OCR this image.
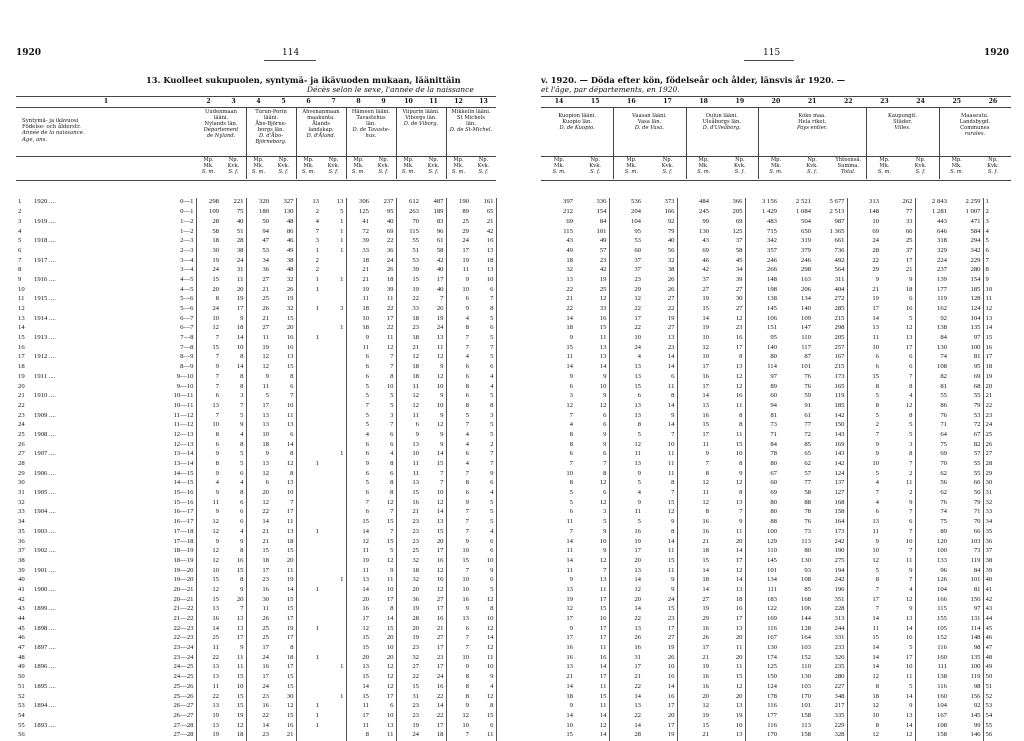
1920	114	115	1920
13. Kuolleet sukupuolen, syntymä- ja ikävuoden mukaan, läänittäin
Décès selon le sexe, l'année de la naissance
v. 1920. — Döda efter kön, födelseår och ålder, länsvis år 1920. —
et l'âge, par départements, en 1920.
1	2	3	4	5	6	7	8	9	10	11	12	13
Syntymä- ja ikävuosi
Födelse- och ålderstr.
Année de la naissance.
Age, ans.
Uudenmaan
lääni.
Nylands län.
Département
de Nyland.
Turun-Porin
lääni.
Åbo-Björne-
borgs län.
D. d'Åbo-
Björneborg.
Ahvenanmaan
maakunta.
Ålands
landskap.
D. d'Åland.
Hämeen lääni.
Tavastehus
län.
D. de Tavaste-
hus.
Viipurin lääni.
Viborgs län.
D. de Viborg.
Mikkelin lääni.
St Michels
län.
D. de St-Michel.
Mp.
Mk.
S. m.
Np.
Kvk.
S. f.
Mp.
Mk.
S. m.
Np.
Kvk.
S. f.
Mp.
Mk.
S. m.
Np.
Kvk.
S. f.
Mp.
Mk.
S. m.
Np.
Kvk.
S. f.
Mp.
Mk.
S. m.
Np.
Kvk.
S. f.
Mp.
Mk.
S. m.
Np.
Kvk.
S. f.
14	15	16	17	18	19	20	21	22	23	24	25	26
Kuopion lääni.
Kuopio län.
D. de Kuopio.
Vaasan lääni.
Vasa län.
D. de Vasa.
Oulun lääni.
Uleåborgs län.
D. d'Uleåborg.
Koko maa.
Hela riket.
Pays entier.
Kaupungit.
Städer.
Villes.
Maaseutu.
Landsbygd.
Communes
rurales.
Mp.
Mk.
S. m.
Np.
Kvk.
S. f.
Mp.
Mk.
S. m.
Np.
Kvk.
S. f.
Mp.
Mk.
S. m.
Np.
Kvk.
S. f.
Mp.
Mk.
S. m.
Np.
Kvk.
S. f.
Yhteensä.
Summa.
Total.
Mp.
Mk.
S. m.
Np.
Kvk.
S. f.
Mp.
Mk.
S. m.
Np.
Kvk.
S. f.
1	1920 ....	0—1	298	221	320	327	13	13	306	237	612	487	190	161
2		0—1	109	75	180	130	2	5	125	95	263	189	89	65
3	1919 ....	1—2	28	40	50	48	4	1	41	40	70	83	25	21
4		1—2	58	51	94	86	7	1	72	69	115	96	29	42
5	1918 ....	2—3	18	28	47	46	3	1	39	22	55	61	24	16
6		2—3	30	38	53	49	1	1	33	36	51	58	17	13
7	1917 ....	3—4	19	24	34	38	2		18	24	53	42	19	18
8		3—4	24	31	36	48	2		21	26	39	40	11	13
9	1916 ....	4—5	15	11	27	32	1	1	21	18	15	17	9	10
10		4—5	20	20	21	26	1		19	39	19	40	10	6
11	1915 ....	5—6	8	19	25	19			11	11	22	7	6	7
12		5—6	24	17	26	32	1	3	18	22	33	26	9	8
13	1914 ....	6—7	10	9	21	15			10	17	18	19	4	5
14		6—7	12	18	27	20		1	18	22	23	24	8	6
15	1913 ....	7—8	7	14	11	16	1		9	11	18	13	7	5
16		7—8	15	10	19	16			11	12	21	11	7	7
17	1912 ....	8—9	7	8	12	13			6	7	12	12	4	5
18		8—9	9	14	12	15			6	7	18	9	6	6
19	1911 ....	9—10	7	8	9	8			6	8	18	12	6	4
20		9—10	7	8	11	6			5	10	11	10	8	4
21	1910 ....	10—11	6	3	5	7			5	5	12	9	6	5
22		10—11	13	7	17	10			7	5	12	10	8	8
23	1909 ....	11—12	7	5	13	11			5	3	11	9	5	3
24		11—12	10	9	13	13			5	7	6	12	7	5
25	1908 ....	12—13	8	4	10	6			4	6	9	9	4	5
26		12—13	6	8	18	14			6	6	13	9	4	2
27	1907 ....	13—14	9	5	9	8		1	6	4	10	14	6	7
28		13—14	8	5	13	12	1		9	8	11	15	4	7
29	1906 ....	14—15	9	6	12	8			6	6	11	7	7	9
30		14—15	4	4	6	13			5	8	13	7	8	6
31	1905 ....	15—16	9	8	20	10			6	8	15	10	6	4
32		15—16	11	6	12	7			7	12	16	12	9	5
33	1904 ....	16—17	9	6	22	17			6	7	21	14	7	5
34		16—17	12	6	14	11			15	15	23	13	7	5
35	1903 ....	17—18	12	4	21	13	1		14	7	23	15	7	4
36		17—18	9	9	21	18			12	15	23	20	9	6
37	1902 ....	18—19	12	8	15	15			11	5	25	17	10	6
38		18—19	12	16	18	20			19	12	32	16	15	10
39	1901 ....	19—20	10	15	17	11			11	9	18	12	7	9
40		19—20	15	8	23	19		1	13	11	32	16	10	6
41	1900 ....	20—21	12	9	16	14	1		14	10	20	12	10	5
42		20—21	15	20	30	15			20	17	36	27	16	12
43	1899 ....	21—22	13	7	11	15			16	8	19	17	9	8
44		21—22	16	13	26	17			17	14	28	16	13	10
45	1898 ....	22—23	14	13	25	19	1		12	15	20	21	6	12
46		22—23	25	17	25	17			15	20	19	27	7	14
47	1897 ....	23—24	11	9	17	8			15	10	23	17	7	12
48		23—24	22	11	24	18	1		20	20	32	23	10	11
49	1896 ....	24—25	13	11	16	17		1	13	12	27	17	9	10
50		24—25	13	15	17	15			15	12	22	24	8	9
51	1895 ....	25—26	11	10	24	15			14	12	15	16	8	4
52		25—26	22	15	23	30		1	15	17	31	22	8	12
53	1894 ....	26—27	13	15	16	12	1		11	6	23	14	9	8
54		26—27	19	19	22	15	1		17	10	23	22	12	15
55	1893 ....	27—28	13	12	14	16	1		11	13	19	17	10	6
56		27—28	19	18	23	21			8	11	24	18	7	11
397	336	536	373	484	366	3 156	2 521	5 677	313	262	2 843	2 259	1
212	154	204	166	245	205	1 429	1 084	2 513	148	77	1 281	1 007	2
69	84	104	92	99	69	483	504	987	10	33	443	471	3
115	101	95	79	130	125	715	650	1 365	69	66	646	584	4
43	49	53	40	43	37	342	319	661	24	25	318	294	5
49	57	60	56	69	58	357	379	736	28	37	329	342	6
18	23	37	32	46	45	246	246	492	22	17	224	229	7
32	42	37	38	42	34	266	298	564	29	21	237	280	8
13	19	23	26	37	39	148	163	311	9	9	139	154	9
22	25	29	26	27	27	198	206	404	21	18	177	185	10
21	12	12	27	19	30	138	134	272	19	6	119	128	11
22	33	22	22	15	27	145	140	285	17	16	162	124	12
14	16	17	19	14	12	106	109	215	14	5	92	104	13
18	15	22	27	19	23	151	147	298	13	12	138	135	14
9	11	10	13	10	16	95	110	205	11	13	84	97	15
15	13	24	23	12	17	140	117	257	10	17	130	100	16
11	13	4	14	10	8	80	87	167	6	6	74	81	17
14	14	13	14	17	13	114	101	215	6	6	108	95	18
9	9	13	6	16	12	97	76	173	15	7	82	69	19
6	10	15	11	17	12	89	76	165	8	8	81	68	20
3	9	6	8	14	16	60	59	119	5	4	55	55	21
12	12	13	14	13	11	94	91	185	8	12	86	79	22
7	6	13	9	16	8	81	61	142	5	8	76	53	23
4	6	8	14	15	8	73	77	150	2	5	71	72	24
8	9	5	7	17	11	71	72	143	7	5	64	67	25
8	9	12	10	11	15	84	85	169	9	3	75	82	26
6	6	11	11	9	10	78	65	143	9	8	69	57	27
7	7	13	11	7	8	80	62	142	10	7	70	55	28
10	8	9	11	8	9	67	57	124	5	2	62	55	29
8	12	5	8	12	12	60	77	137	4	11	56	66	30
5	6	4	7	11	8	69	58	127	7	2	62	56	31
5	12	9	15	12	13	80	88	168	4	9	76	79	32
6	3	11	12	8	7	80	78	158	6	7	74	71	33
11	5	5	9	16	9	88	76	164	13	6	75	70	34
7	9	16	8	16	11	100	73	173	11	7	89	66	35
14	10	19	14	21	20	129	113	242	9	10	120	103	36
11	9	17	11	18	14	110	80	190	10	7	100	73	37
14	12	20	15	15	17	145	130	275	12	11	133	119	38
11	7	13	11	14	12	101	93	194	5	9	96	84	39
9	13	14	9	18	14	134	108	242	8	7	126	101	40
13	11	12	9	14	13	111	85	196	7	4	104	81	41
19	17	20	24	27	18	183	168	351	17	12	166	156	42
12	15	14	15	19	16	122	106	228	7	9	115	97	43
17	16	22	23	29	17	169	144	313	14	13	155	131	44
9	17	13	17	16	13	116	128	244	11	14	105	114	45
17	17	26	27	26	20	167	164	331	15	16	152	148	46
16	11	16	19	17	11	130	103	233	14	5	116	98	47
16	16	31	26	21	20	174	152	326	14	17	160	135	48
13	14	17	10	19	11	125	110	235	14	10	111	100	49
21	17	21	16	16	15	150	130	280	12	11	138	119	50
14	11	22	14	16	12	124	103	227	8	5	116	98	51
18	15	14	16	20	20	178	170	348	18	14	160	156	52
9	11	13	17	12	13	116	101	217	12	9	104	92	53
14	14	22	20	19	19	177	158	335	10	13	167	145	54
10	12	14	17	15	10	116	113	229	8	14	108	99	55
15	14	28	19	21	13	170	158	328	12	12	158	146	56
